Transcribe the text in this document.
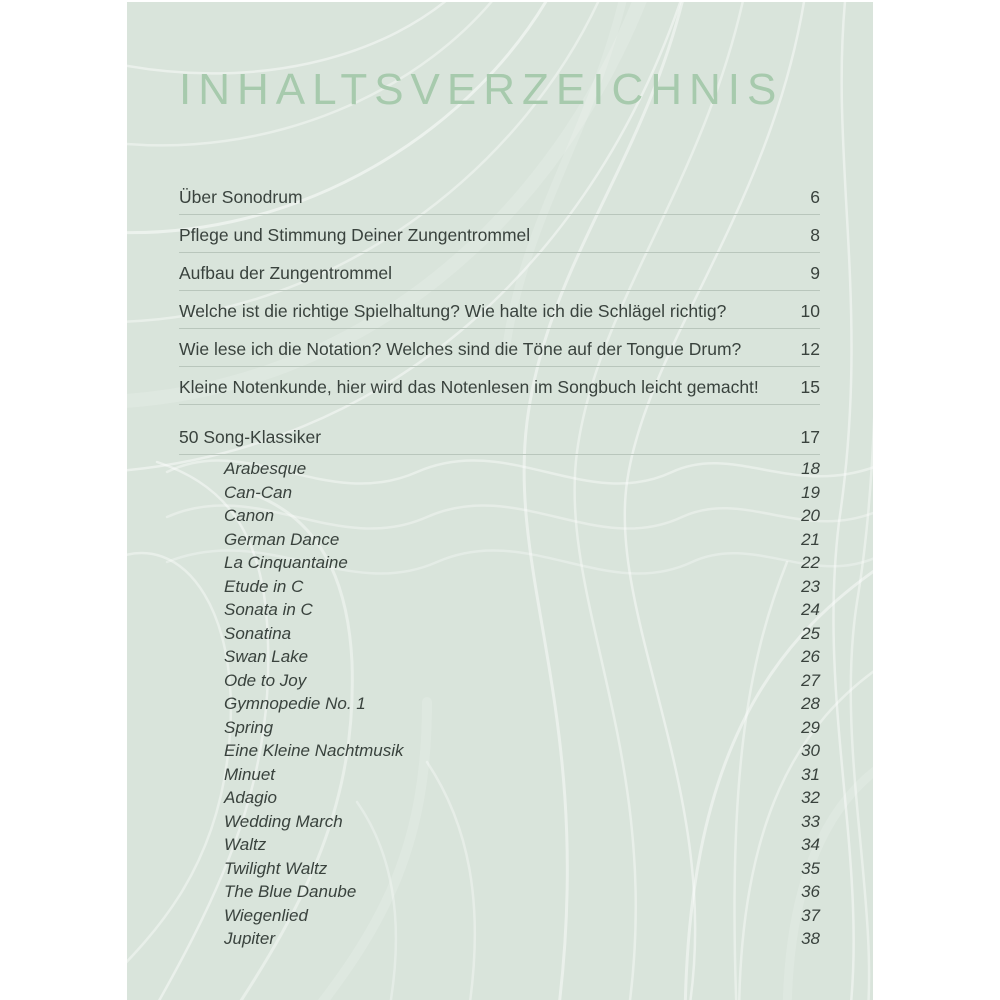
INHALTSVERZEICHNIS
Über Sonodrum	6
Pflege und Stimmung Deiner Zungentrommel	8
Aufbau der Zungentrommel	9
Welche ist die richtige Spielhaltung? Wie halte ich die Schlägel richtig?	10
Wie lese ich die Notation? Welches sind die Töne auf der Tongue Drum?	12
Kleine Notenkunde, hier wird das Notenlesen im Songbuch leicht gemacht! 15
50 Song-Klassiker	17
Arabesque	18
Can-Can	19
Canon	20
German Dance	21
La Cinquantaine	22
Etude in C	23
Sonata in C	24
Sonatina	25
Swan Lake	26
Ode to Joy	27
Gymnopedie No. 1	28
Spring	29
Eine Kleine Nachtmusik	30
Minuet	31
Adagio	32
Wedding March	33
Waltz	34
Twilight Waltz	35
The Blue Danube	36
Wiegenlied	37
Jupiter	38
